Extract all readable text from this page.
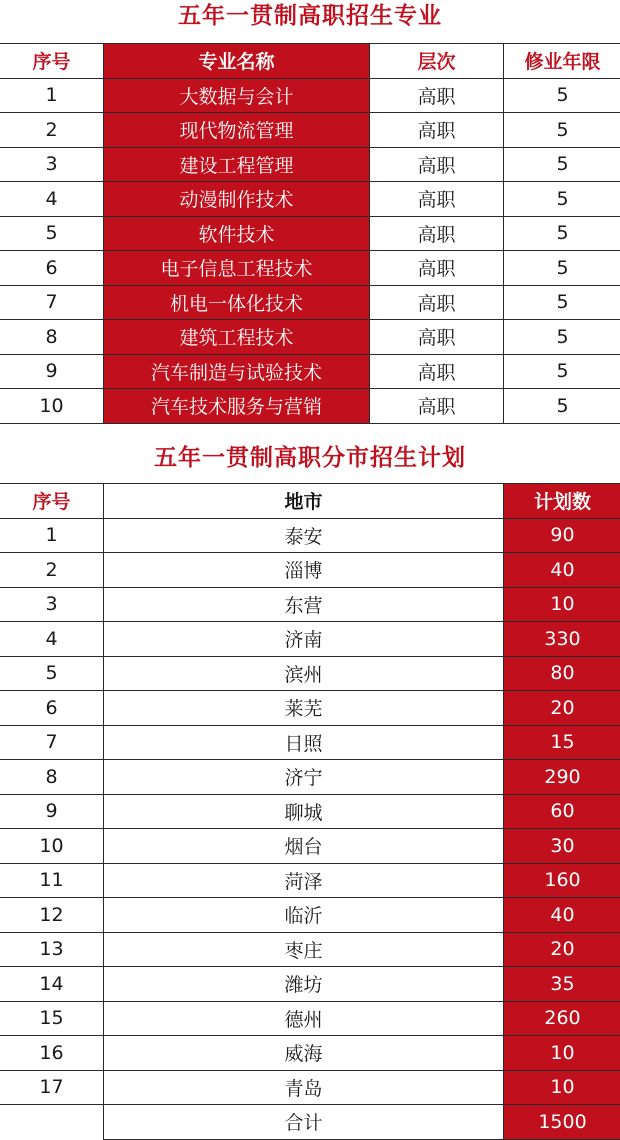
五年一贯制高职招生专业
序号	专业名称	层次	修业年限
1	大数据与会计	高职	5
2	现代物流管理	高职	5
3	建设工程管理	高职	5
4	动漫制作技术	高职	5
5	软件技术	高职	5
6	电子信息工程技术	高职	5
7	机电一体化技术	高职	5
8	建筑工程技术	高职	5
9	汽车制造与试验技术	高职	5
10	汽车技术服务与营销	高职	5
五年一贯制高职分市招生计划
序号	地市	计划数
1	泰安	90
2	淄博	40
3	东营	10
4	济南	330
5	滨州	80
6	莱芜	20
7	日照	15
8	济宁	290
9	聊城	60
10	烟台	30
11	菏泽	160
12	临沂	40
13	枣庄	20
14	潍坊	35
15	德州	260
16	威海	10
17	青岛	10
	合计	1500
